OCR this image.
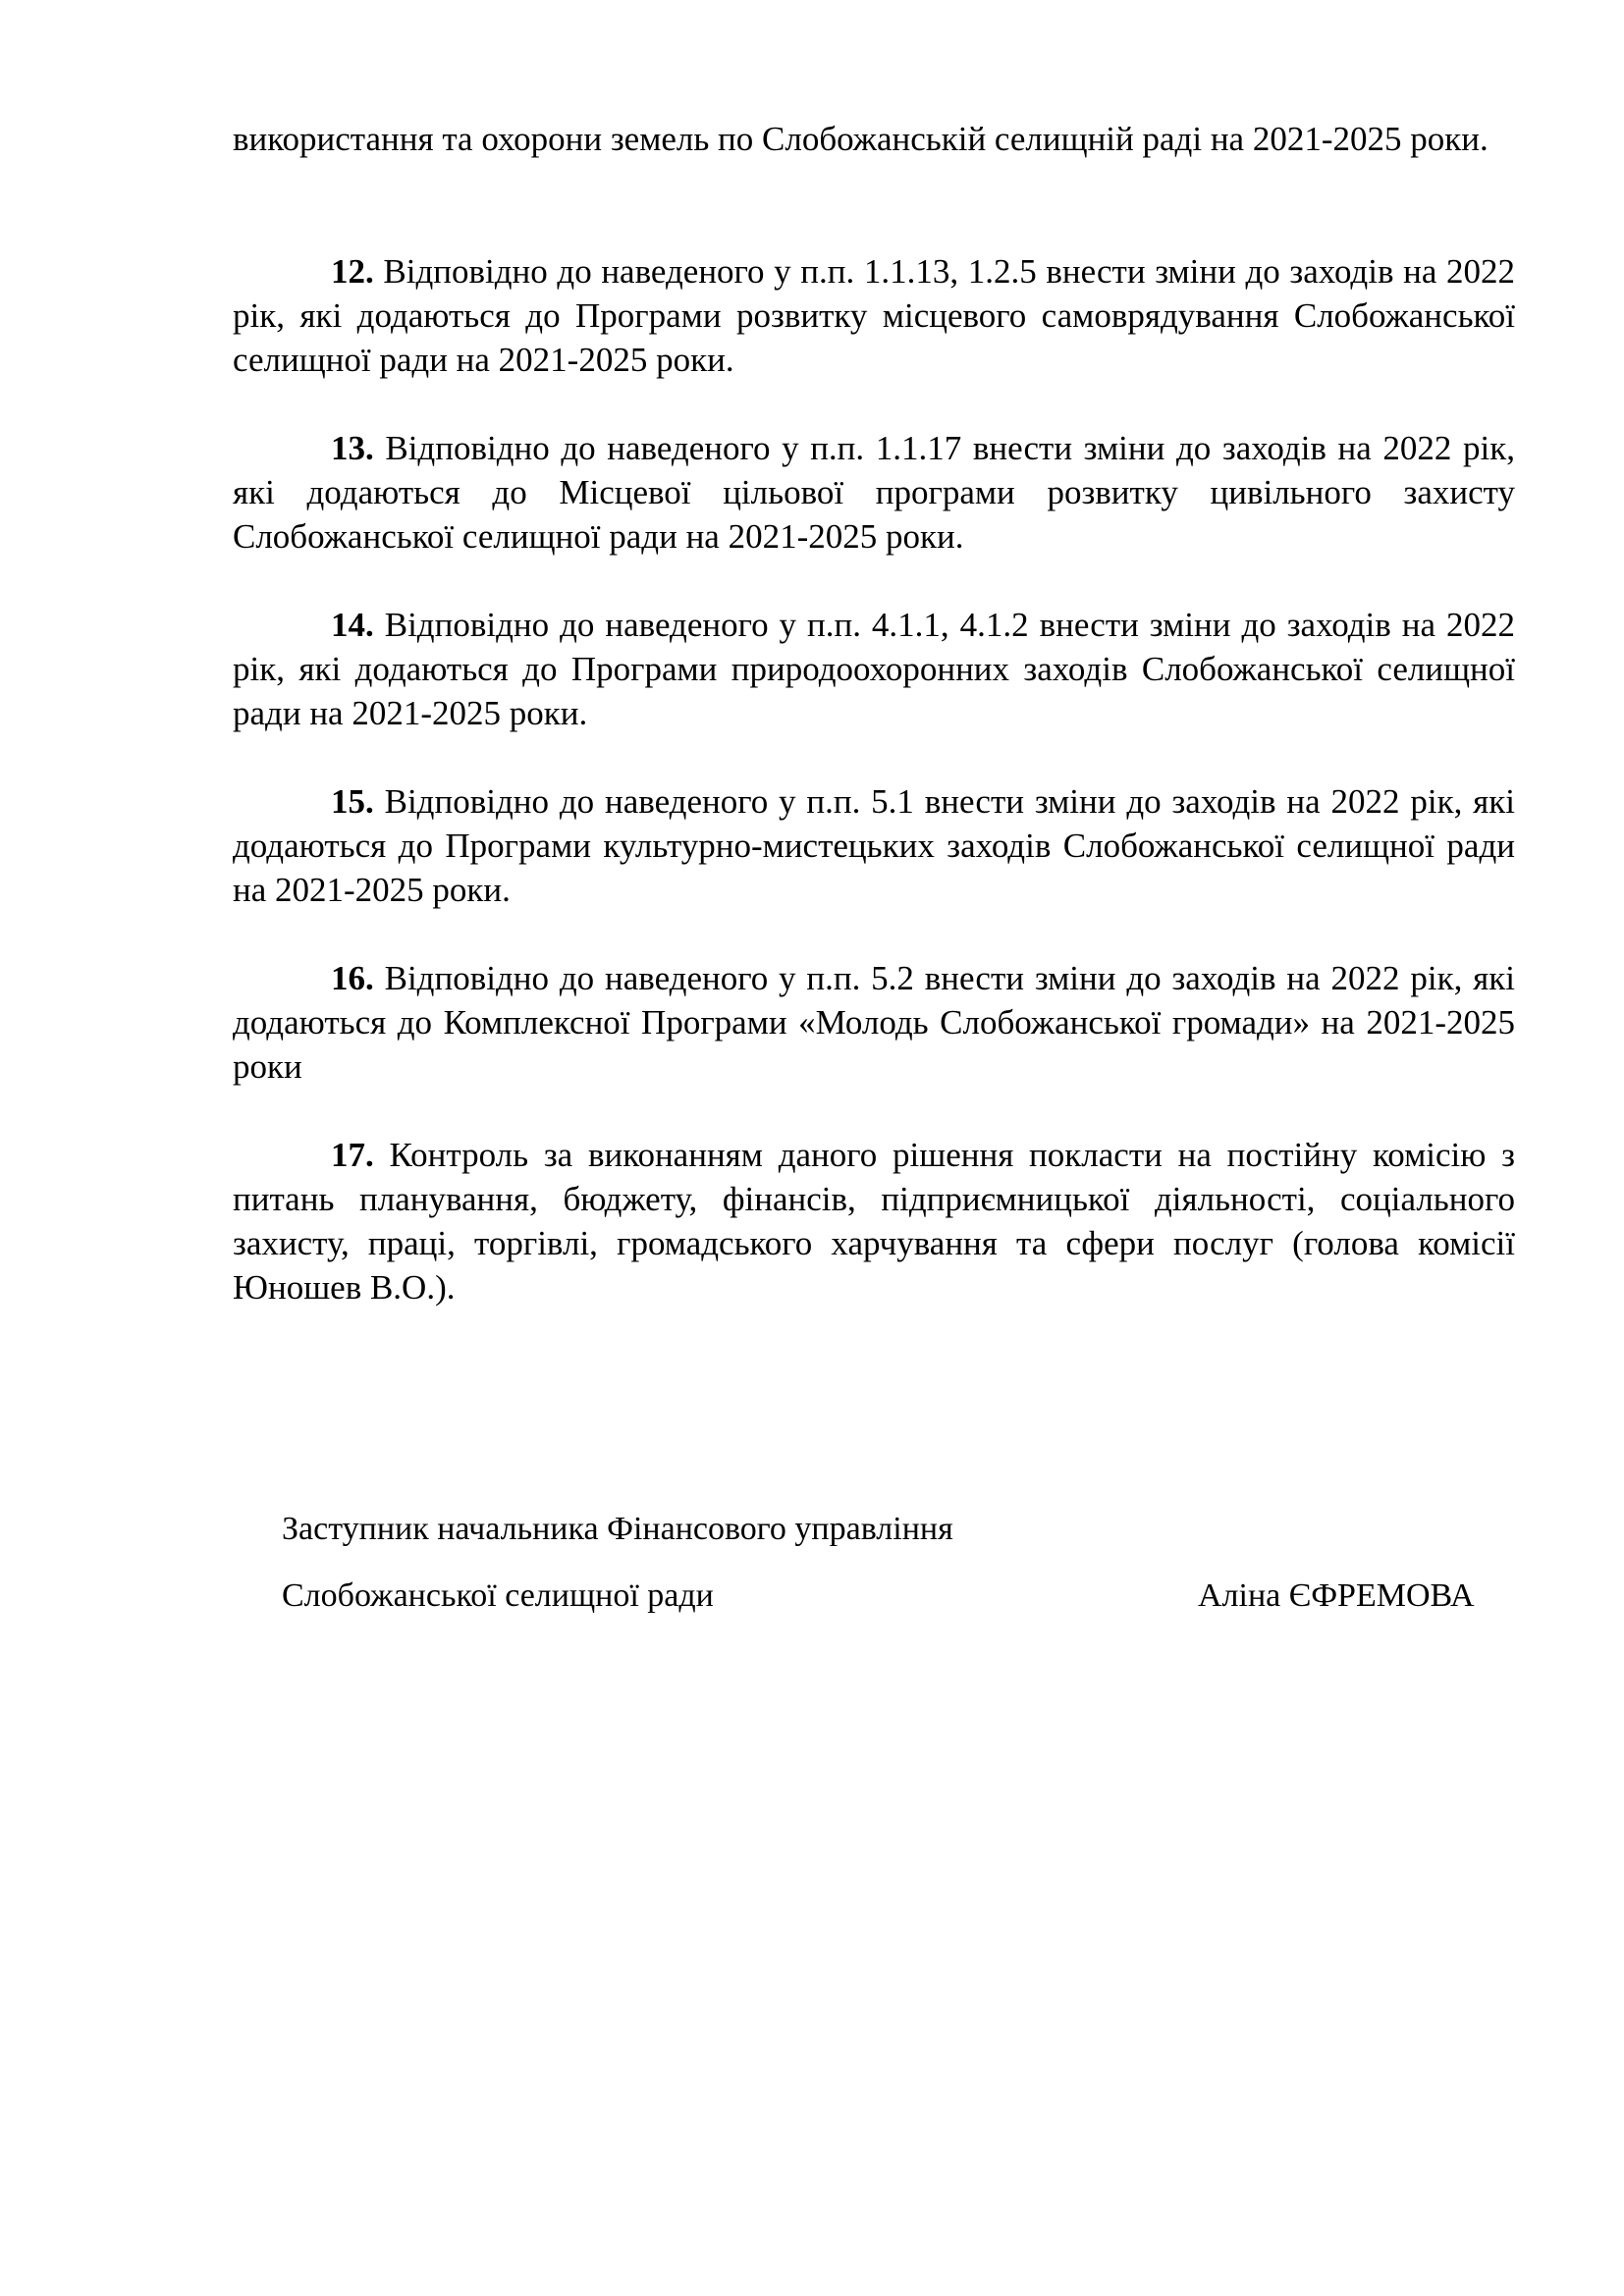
використання та охорони земель по Слобожанській селищній раді на 2021-2025 роки.

12. Відповідно до наведеного у п.п. 1.1.13, 1.2.5 внести зміни до заходів на 2022 рік, які додаються до Програми розвитку місцевого самоврядування Слобожанської селищної ради на 2021-2025 роки.

13. Відповідно до наведеного у п.п. 1.1.17 внести зміни до заходів на 2022 рік, які додаються до Місцевої цільової програми розвитку цивільного захисту Слобожанської селищної ради на 2021-2025 роки.

14. Відповідно до наведеного у п.п. 4.1.1, 4.1.2 внести зміни до заходів на 2022 рік, які додаються до Програми природоохоронних заходів Слобожанської селищної ради на 2021-2025 роки.

15. Відповідно до наведеного у п.п. 5.1 внести зміни до заходів на 2022 рік, які додаються до Програми культурно-мистецьких заходів Слобожанської селищної ради на 2021-2025 роки.

16. Відповідно до наведеного у п.п. 5.2 внести зміни до заходів на 2022 рік, які додаються до Комплексної Програми «Молодь Слобожанської громади» на 2021-2025 роки

17. Контроль за виконанням даного рішення покласти на постійну комісію з питань планування, бюджету, фінансів, підприємницької діяльності, соціального захисту, праці, торгівлі, громадського харчування та сфери послуг (голова комісії Юношев В.О.).

Заступник начальника Фінансового управління
Слобожанської селищної ради	Аліна ЄФРЕМОВА
